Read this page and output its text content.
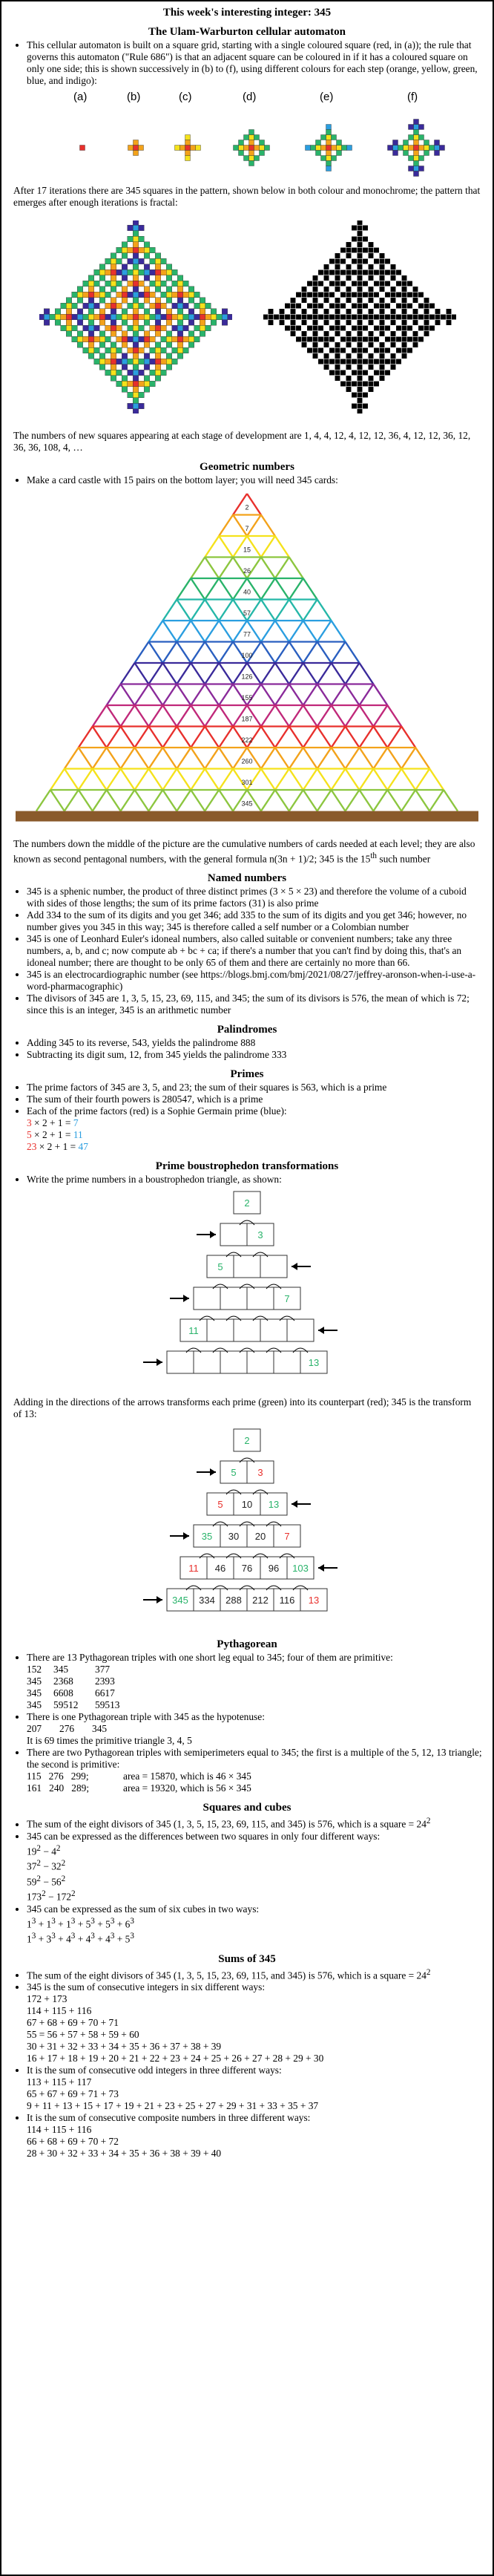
This week's interesting integer: 345
The Ulam-Warburton cellular automaton
• This cellular automaton is built on a square grid, starting with a single coloured square (red, in (a)); the rule that governs this automaton ("Rule 686") is that an adjacent square can be coloured in if it has a coloured square on only one side; this is shown successively in (b) to (f), using different colours for each step (orange, yellow, green, blue, and indigo):
(a)	(b)	(c)	(d)	(e)	(f)
After 17 iterations there are 345 squares in the pattern, shown below in both colour and monochrome; the pattern that emerges after enough iterations is fractal:
The numbers of new squares appearing at each stage of development are 1, 4, 4, 12, 4, 12, 12, 36, 4, 12, 12, 36, 12, 36, 36, 108, 4, …
Geometric numbers
• Make a card castle with 15 pairs on the bottom layer; you will need 345 cards:
2
7
15
26
40
57
77
100
126
155
187
222
260
301
345
The numbers down the middle of the picture are the cumulative numbers of cards needed at each level; they are also known as second pentagonal numbers, with the general formula n(3n + 1)/2; 345 is the 15th such number
Named numbers
• 345 is a sphenic number, the product of three distinct primes (3 × 5 × 23) and therefore the volume of a cuboid with sides of those lengths; the sum of its prime factors (31) is also prime
• Add 334 to the sum of its digits and you get 346; add 335 to the sum of its digits and you get 346; however, no number gives you 345 in this way; 345 is therefore called a self number or a Colombian number
• 345 is one of Leonhard Euler's idoneal numbers, also called suitable or convenient numbers; take any three numbers, a, b, and c; now compute ab + bc + ca; if there's a number that you can't find by doing this, that's an idoneal number; there are thought to be only 65 of them and there are certainly no more than 66.
• 345 is an electrocardiographic number (see https://blogs.bmj.com/bmj/2021/08/27/jeffrey-aronson-when-i-use-a-word-pharmacographic)
• The divisors of 345 are 1, 3, 5, 15, 23, 69, 115, and 345; the sum of its divisors is 576, the mean of which is 72; since this is an integer, 345 is an arithmetic number
Palindromes
• Adding 345 to its reverse, 543, yields the palindrome 888
• Subtracting its digit sum, 12, from 345 yields the palindrome 333
Primes
• The prime factors of 345 are 3, 5, and 23; the sum of their squares is 563, which is a prime
• The sum of their fourth powers is 280547, which is a prime
• Each of the prime factors (red) is a Sophie Germain prime (blue):
3 × 2 + 1 = 7
5 × 2 + 1 = 11
23 × 2 + 1 = 47
Prime boustrophedon transformations
• Write the prime numbers in a boustrophedon triangle, as shown:
2
3
5
7
11
13
Adding in the directions of the arrows transforms each prime (green) into its counterpart (red); 345 is the transform of 13:
2
5 3
5 10 13
35 30 20 7
11 46 76 96 103
345 334 288 212 116 13
Pythagorean
• There are 13 Pythagorean triples with one short leg equal to 345; four of them are primitive:
152 345	377
345 2368 2393
345 6608 6617
345 59512 59513
• There is one Pythagorean triple with 345 as the hypotenuse:
207 276 345
It is 69 times the primitive triangle 3, 4, 5
• There are two Pythagorean triples with semiperimeters equal to 345; the first is a multiple of the 5, 12, 13 triangle; the second is primitive:
115   276   299;	area = 15870, which is 46 × 345
161   240   289;	area = 19320, which is 56 × 345
Squares and cubes
• The sum of the eight divisors of 345 (1, 3, 5, 15, 23, 69, 115, and 345) is 576, which is a square = $24^2$
• 345 can be expressed as the differences between two squares in only four different ways:
$19^2 - 4^2$
$37^2 - 32^2$
$59^2 - 56^2$
$173^2 - 172^2$
• 345 can be expressed as the sum of six cubes in two ways:
$1^3 + 1^3 + 1^3 + 5^3 + 5^3 + 6^3$
$1^3 + 3^3 + 4^3 + 4^3 + 4^3 + 5^3$
Sums of 345
• The sum of the eight divisors of 345 (1, 3, 5, 15, 23, 69, 115, and 345) is 576, which is a square = $24^2$
• 345 is the sum of consecutive integers in six different ways:
172 + 173
114 + 115 + 116
67 + 68 + 69 + 70 + 71
55 = 56 + 57 + 58 + 59 + 60
30 + 31 + 32 + 33 + 34 + 35 + 36 + 37 + 38 + 39
16 + 17 + 18 + 19 + 20 + 21 + 22 + 23 + 24 + 25 + 26 + 27 + 28 + 29 + 30
• It is the sum of consecutive odd integers in three different ways:
113 + 115 + 117
65 + 67 + 69 + 71 + 73
9 + 11 + 13 + 15 + 17 + 19 + 21 + 23 + 25 + 27 + 29 + 31 + 33 + 35 + 37
• It is the sum of consecutive composite numbers in three different ways:
114 + 115 + 116
66 + 68 + 69 + 70 + 72
28 + 30 + 32 + 33 + 34 + 35 + 36 + 38 + 39 + 40
